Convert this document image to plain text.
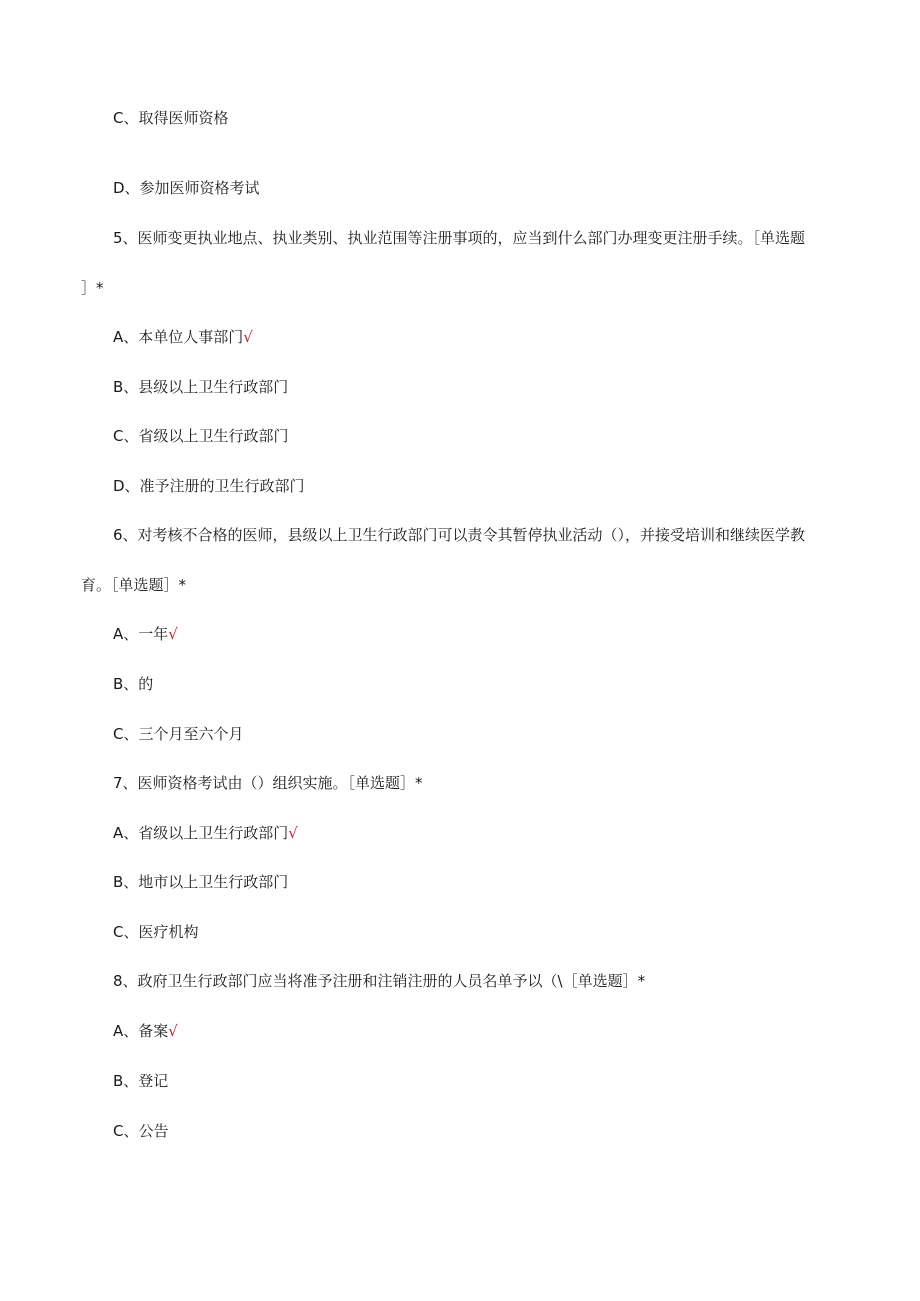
C、取得医师资格
D、参加医师资格考试
5、医师变更执业地点、执业类别、执业范围等注册事项的，应当到什么部门办理变更注册手续。［单选题
］*
A、本单位人事部门√
B、县级以上卫生行政部门
C、省级以上卫生行政部门
D、准予注册的卫生行政部门
6、对考核不合格的医师，县级以上卫生行政部门可以责令其暂停执业活动（），并接受培训和继续医学教
育。［单选题］*
A、一年√
B、的
C、三个月至六个月
7、医师资格考试由（）组织实施。［单选题］*
A、省级以上卫生行政部门√
B、地市以上卫生行政部门
C、医疗机构
8、政府卫生行政部门应当将准予注册和注销注册的人员名单予以（\［单选题］*
A、备案√
B、登记
C、公告
